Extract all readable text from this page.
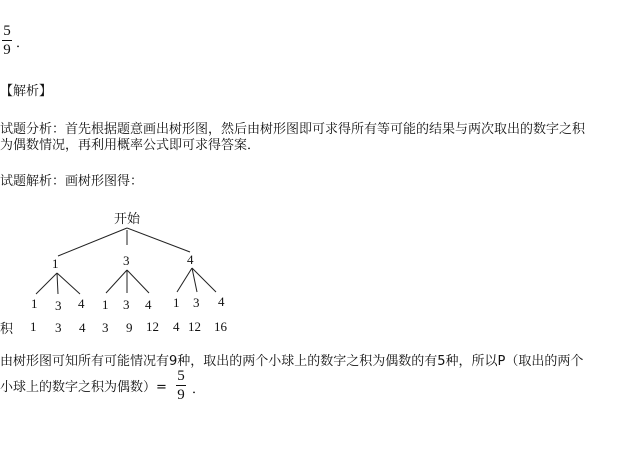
5
9 ．
【解析】
试题分析：首先根据题意画出树形图，然后由树形图即可求得所有等可能的结果与两次取出的数字之积
为偶数情况，再利用概率公式即可求得答案．
试题解析：画树形图得：
开始
1	3	4
1 3 4 1 3 4 1 3 4
积 1 3 4 3 9 12 4 12 16
由树形图可知所有可能情况有9种，取出的两个小球上的数字之积为偶数的有5种，所以P（取出的两个
小球上的数字之积为偶数）=
5
9 ．
